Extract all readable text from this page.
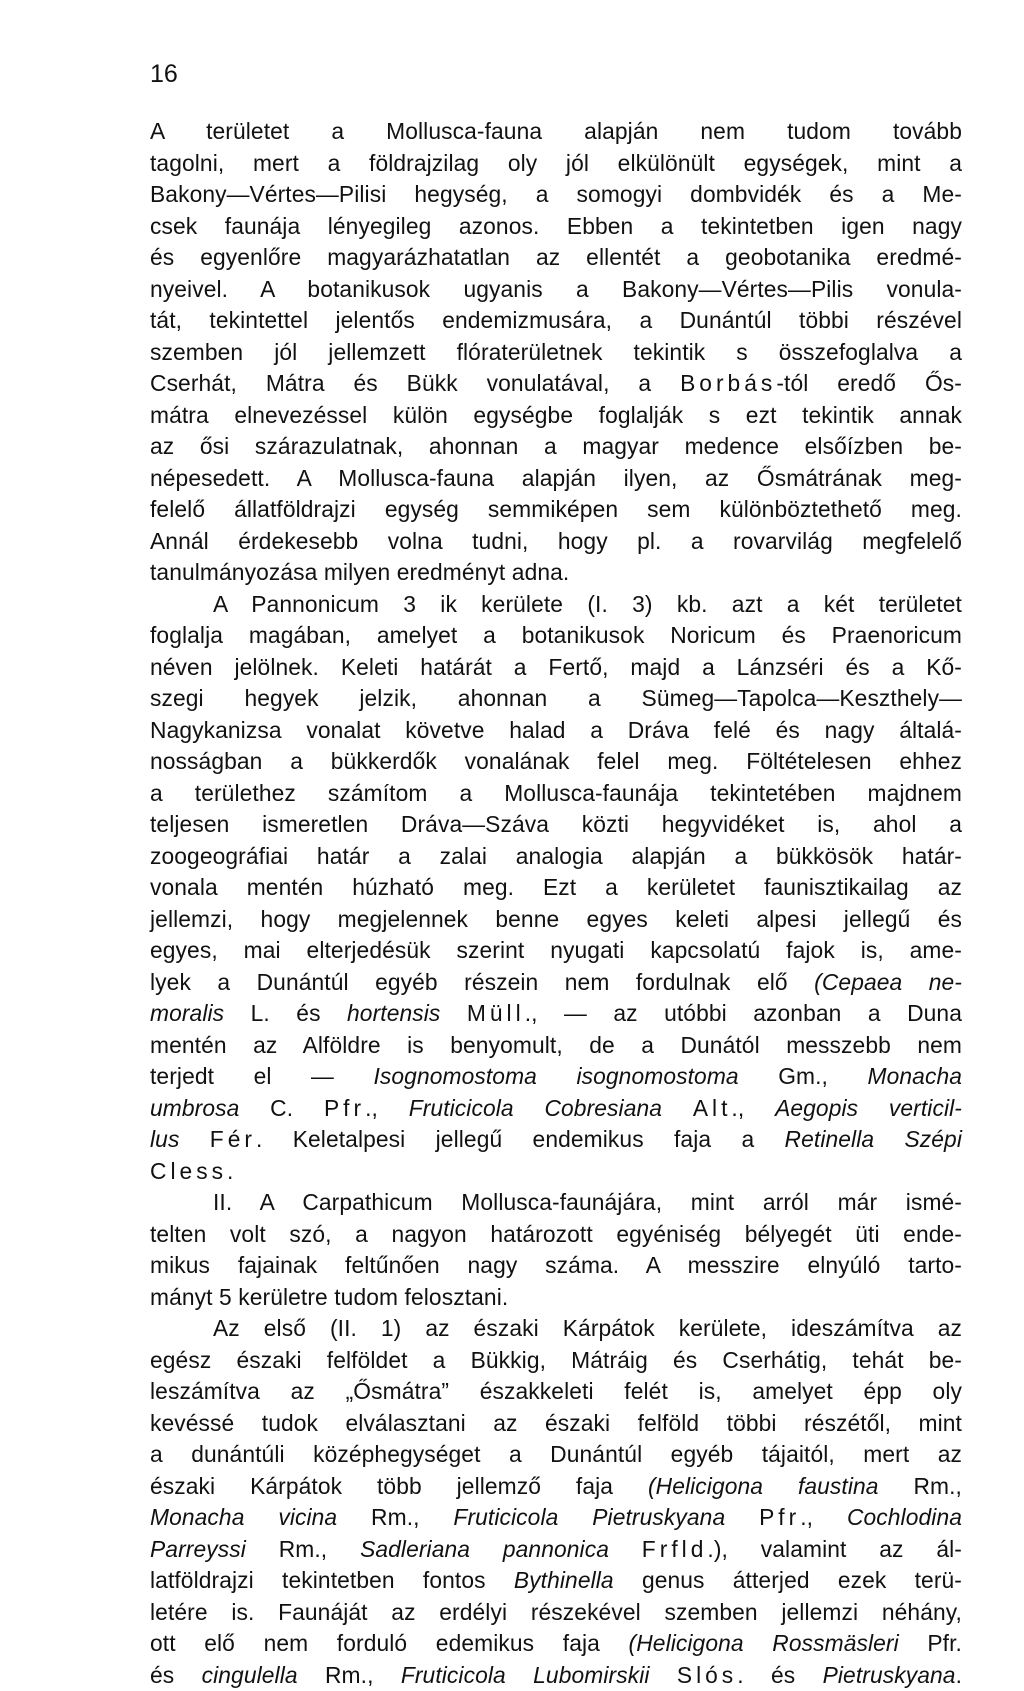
16
A területet a Mollusca-fauna alapján nem tudom tovább
tagolni, mert a földrajzilag oly jól elkülönült egységek, mint a
Bakony—Vértes—Pilisi hegység, a somogyi dombvidék és a Me-
csek faunája lényegileg azonos. Ebben a tekintetben igen nagy
és egyenlőre magyarázhatatlan az ellentét a geobotanika eredmé-
nyeivel. A botanikusok ugyanis a Bakony—Vértes—Pilis vonula-
tát, tekintettel jelentős endemizmusára, a Dunántúl többi részével
szemben jól jellemzett flóraterületnek tekintik s összefoglalva a
Cserhát, Mátra és Bükk vonulatával, a Borbás-tól eredő Ős-
mátra elnevezéssel külön egységbe foglalják s ezt tekintik annak
az ősi szárazulatnak, ahonnan a magyar medence elsőízben be-
népesedett. A Mollusca-fauna alapján ilyen, az Ősmátrának meg-
felelő állatföldrajzi egység semmiképen sem különböztethető meg.
Annál érdekesebb volna tudni, hogy pl. a rovarvilág megfelelő
tanulmányozása milyen eredményt adna.
A Pannonicum 3 ik kerülete (I. 3) kb. azt a két területet
foglalja magában, amelyet a botanikusok Noricum és Praenoricum
néven jelölnek. Keleti határát a Fertő, majd a Lánzséri és a Kő-
szegi hegyek jelzik, ahonnan a Sümeg—Tapolca—Keszthely—
Nagykanizsa vonalat követve halad a Dráva felé és nagy általá-
nosságban a bükkerdők vonalának felel meg. Föltételesen ehhez
a területhez számítom a Mollusca-faunája tekintetében majdnem
teljesen ismeretlen Dráva—Száva közti hegyvidéket is, ahol a
zoogeográfiai határ a zalai analogia alapján a bükkösök határ-
vonala mentén húzható meg. Ezt a kerületet faunisztikailag az
jellemzi, hogy megjelennek benne egyes keleti alpesi jellegű és
egyes, mai elterjedésük szerint nyugati kapcsolatú fajok is, ame-
lyek a Dunántúl egyéb részein nem fordulnak elő (Cepaea ne-
moralis L. és hortensis Müll., — az utóbbi azonban a Duna
mentén az Alföldre is benyomult, de a Dunától messzebb nem
terjedt el — Isognomostoma isognomostoma Gm., Monacha
umbrosa C. Pfr., Fruticicola Cobresiana Alt., Aegopis verticil-
lus Fér. Keletalpesi jellegű endemikus faja a Retinella Szépi
Cless.
II. A Carpathicum Mollusca-faunájára, mint arról már ismé-
telten volt szó, a nagyon határozott egyéniség bélyegét üti ende-
mikus fajainak feltűnően nagy száma. A messzire elnyúló tarto-
mányt 5 kerületre tudom felosztani.
Az első (II. 1) az északi Kárpátok kerülete, ideszámítva az
egész északi felföldet a Bükkig, Mátráig és Cserhátig, tehát be-
leszámítva az „Ősmátra” északkeleti felét is, amelyet épp oly
kevéssé tudok elválasztani az északi felföld többi részétől, mint
a dunántúli középhegységet a Dunántúl egyéb tájaitól, mert az
északi Kárpátok több jellemző faja (Helicigona faustina Rm.,
Monacha vicina Rm., Fruticicola Pietruskyana Pfr., Cochlodina
Parreyssi Rm., Sadleriana pannonica Frfld.), valamint az ál-
latföldrajzi tekintetben fontos Bythinella genus átterjed ezek terü-
letére is. Faunáját az erdélyi részekével szemben jellemzi néhány,
ott elő nem forduló edemikus faja (Helicigona Rossmäsleri Pfr.
és cingulella Rm., Fruticicola Lubomirskii Slós. és Pietruskyana.
